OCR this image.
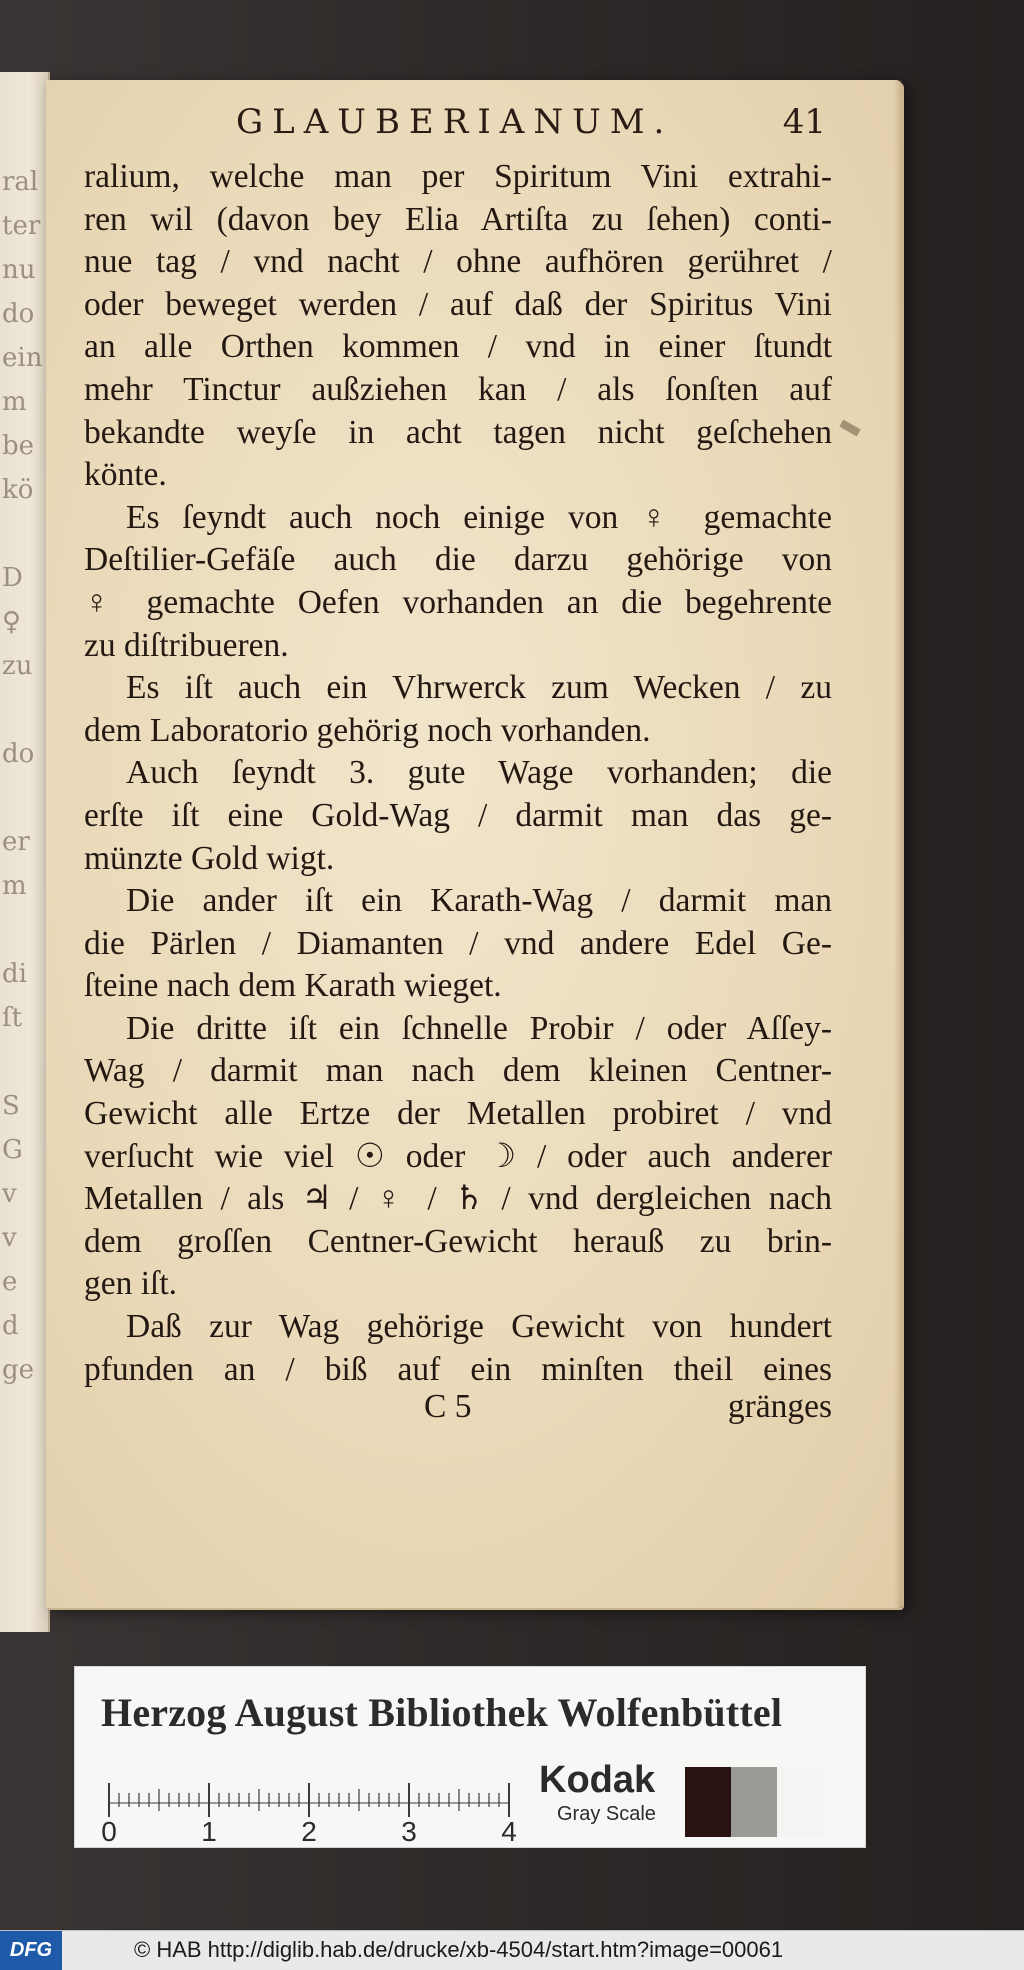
ral
ter
nu
do
ein
m
be
kö

D
♀
zu

do

er
m

di
ſt

S
G
v
v
e
d
ge
GLAUBERIANUM.	41
ralium, welche man per Spiritum Vini extrahi-
ren wil (davon bey Elia Artiſta zu ſehen) conti-
nue tag / vnd nacht / ohne aufhören gerühret /
oder beweget werden / auf daß der Spiritus Vini
an alle Orthen kommen / vnd in einer ſtundt
mehr Tinctur außziehen kan / als ſonſten auf
bekandte weyſe in acht tagen nicht geſchehen
könte.
Es ſeyndt auch noch einige von ♀ gemachte
Deſtilier-Gefäſe auch die darzu gehörige von
♀ gemachte Oefen vorhanden an die begehrente
zu diſtribueren.
Es iſt auch ein Vhrwerck zum Wecken / zu
dem Laboratorio gehörig noch vorhanden.
Auch ſeyndt 3. gute Wage vorhanden; die
erſte iſt eine Gold-Wag / darmit man das ge-
münzte Gold wigt.
Die ander iſt ein Karath-Wag / darmit man
die Pärlen / Diamanten / vnd andere Edel Ge-
ſteine nach dem Karath wieget.
Die dritte iſt ein ſchnelle Probir / oder Aſſey-
Wag / darmit man nach dem kleinen Centner-
Gewicht alle Ertze der Metallen probiret / vnd
verſucht wie viel ☉ oder ☽ / oder auch anderer
Metallen / als ♃ / ♀ / ♄ / vnd dergleichen nach
dem groſſen Centner-Gewicht herauß zu brin-
gen iſt.
Daß zur Wag gehörige Gewicht von hundert
pfunden an / biß auf ein minſten theil eines
C 5	gränges
Herzog August Bibliothek Wolfenbüttel
0	1	2	3	4
Kodak
Gray Scale
DFG	© HAB http://diglib.hab.de/drucke/xb-4504/start.htm?image=00061
